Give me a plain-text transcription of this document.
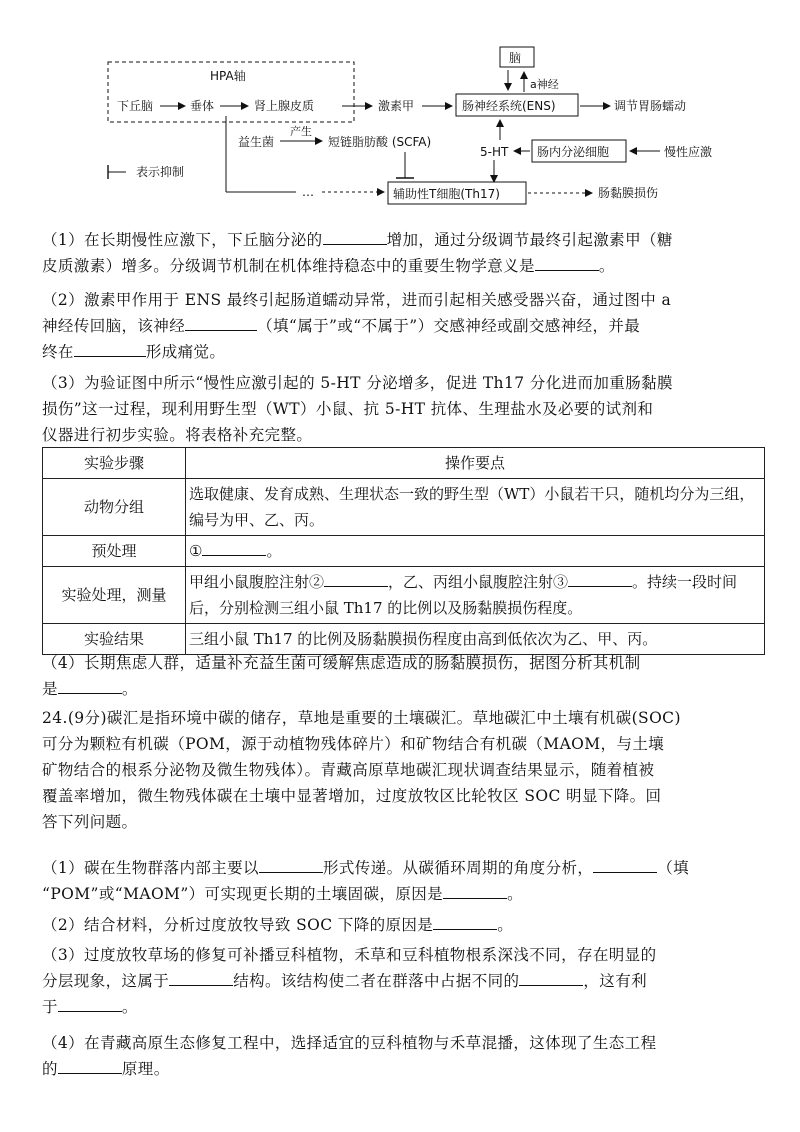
HPA轴
下丘脑	垂体	肾上腺皮质	激素甲
脑
a神经
肠神经系统(ENS)	调节胃肠蠕动
益生菌
产生
短链脂肪酸 (SCFA)
5-HT 肠内分泌细胞	慢性应激
表示抑制
…	辅助性T细胞(Th17)	肠黏膜损伤
（1）在长期慢性应激下，下丘脑分泌的	增加，通过分级调节最终引起激素甲（糖
皮质激素）增多。分级调节机制在机体维持稳态中的重要生物学意义是	。
（2）激素甲作用于 ENS 最终引起肠道蠕动异常，进而引起相关感受器兴奋，通过图中 a
神经传回脑，该神经	（填“属于”或“不属于”）交感神经或副交感神经，并最
终在	形成痛觉。
（3）为验证图中所示“慢性应激引起的 5-HT 分泌增多，促进 Th17 分化进而加重肠黏膜
损伤”这一过程，现利用野生型（WT）小鼠、抗 5-HT 抗体、生理盐水及必要的试剂和
仪器进行初步实验。将表格补充完整。
实验步骤	操作要点
动物分组	选取健康、发育成熟、生理状态一致的野生型（WT）小鼠若干只，随机均分为三组，编号为甲、乙、丙。
预处理	① 。
实验处理，测量	甲组小鼠腹腔注射② ，乙、丙组小鼠腹腔注射③ 。持续一段时间后，分别检测三组小鼠 Th17 的比例以及肠黏膜损伤程度。
实验结果	三组小鼠 Th17 的比例及肠黏膜损伤程度由高到低依次为乙、甲、丙。
（4）长期焦虑人群，适量补充益生菌可缓解焦虑造成的肠黏膜损伤，据图分析其机制
是	。
24.(9分)碳汇是指环境中碳的储存，草地是重要的土壤碳汇。草地碳汇中土壤有机碳(SOC)
可分为颗粒有机碳（POM，源于动植物残体碎片）和矿物结合有机碳（MAOM，与土壤
矿物结合的根系分泌物及微生物残体）。青藏高原草地碳汇现状调查结果显示，随着植被
覆盖率增加，微生物残体碳在土壤中显著增加，过度放牧区比轮牧区 SOC 明显下降。回
答下列问题。
（1）碳在生物群落内部主要以	形式传递。从碳循环周期的角度分析，	（填
“POM”或“MAOM”）可实现更长期的土壤固碳，原因是	。
（2）结合材料，分析过度放牧导致 SOC 下降的原因是	。
（3）过度放牧草场的修复可补播豆科植物，禾草和豆科植物根系深浅不同，存在明显的
分层现象，这属于	结构。该结构使二者在群落中占据不同的	，这有利
于	。
（4）在青藏高原生态修复工程中，选择适宜的豆科植物与禾草混播，这体现了生态工程
的	原理。
